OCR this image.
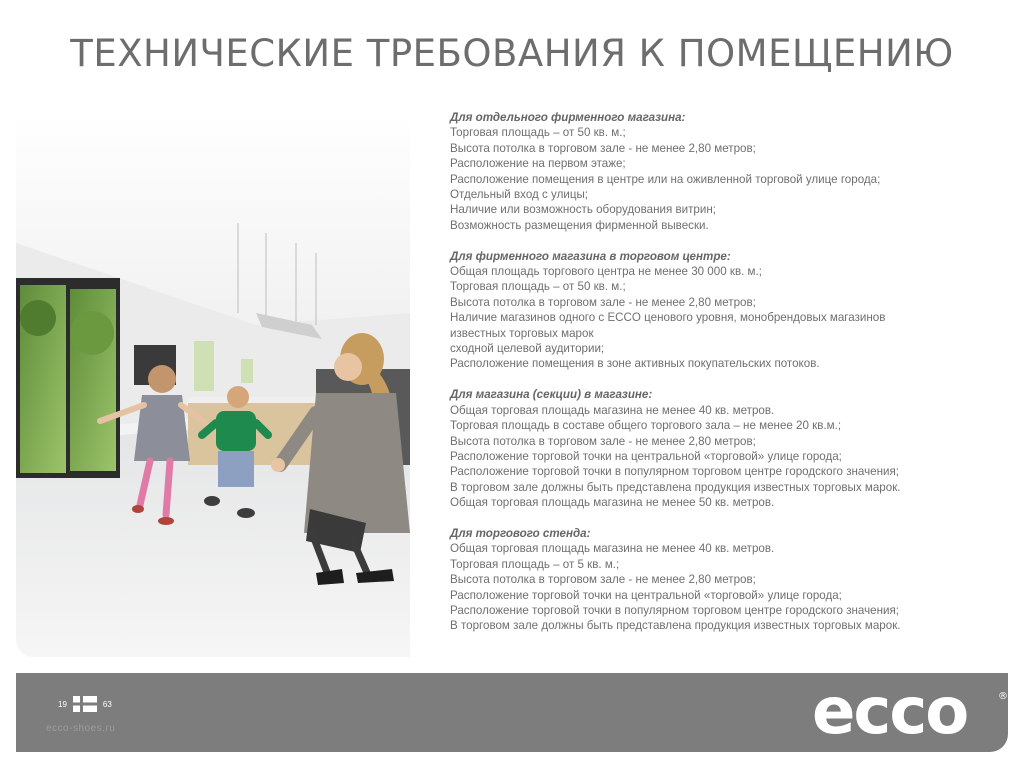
ТЕХНИЧЕСКИЕ ТРЕБОВАНИЯ К ПОМЕЩЕНИЮ
Для отдельного фирменного магазина:
Торговая площадь – от 50 кв. м.;
Высота потолка в торговом зале - не менее 2,80 метров;
Расположение на первом этаже;
Расположение помещения в центре или на оживленной торговой улице города;
Отдельный вход с улицы;
Наличие или возможность оборудования витрин;
Возможность размещения фирменной вывески.
Для фирменного магазина в торговом центре:
Общая площадь торгового центра не менее 30 000 кв. м.;
Торговая площадь – от 50 кв. м.;
Высота потолка в торговом зале - не менее 2,80 метров;
Наличие магазинов одного с ECCO ценового уровня, монобрендовых магазинов
известных торговых марок
сходной целевой аудитории;
Расположение помещения в зоне активных покупательских потоков.
Для магазина (секции) в магазине:
Общая торговая площадь магазина не менее 40 кв. метров.
Торговая площадь в составе общего торгового зала – не менее 20 кв.м.;
Высота потолка в торговом зале - не менее 2,80 метров;
Расположение торговой точки на центральной «торговой» улице города;
Расположение торговой точки в популярном торговом центре городского значения;
В торговом зале должны быть представлена продукция известных торговых марок.
Общая торговая площадь магазина не менее 50 кв. метров.
Для торгового стенда:
Общая торговая площадь магазина не менее 40 кв. метров.
Торговая площадь – от 5 кв. м.;
Высота потолка в торговом зале - не менее 2,80 метров;
Расположение торговой точки на центральной «торговой» улице города;
Расположение торговой точки в популярном торговом центре городского значения;
В торговом зале должны быть представлена продукция известных торговых марок.
19	63
ecco-shoes.ru	ecco	®
